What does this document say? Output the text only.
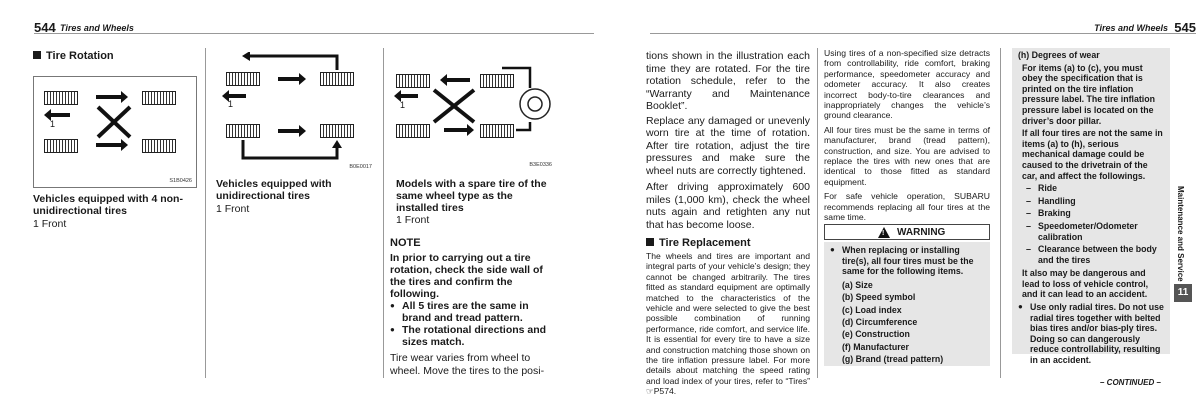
544 Tires and Wheels	Tires and Wheels 545
Tire Rotation
1
S1B0426
Vehicles equipped with 4 non-unidirectional tires
1 Front
1
B0E0017
Vehicles equipped with unidirectional tires
1 Front
1
B3E0336
Models with a spare tire of the same wheel type as the installed tires
1 Front
NOTE
In prior to carrying out a tire rotation, check the side wall of the tires and confirm the following.
● All 5 tires are the same in brand and tread pattern.
● The rotational directions and sizes match.
Tire wear varies from wheel to wheel. Move the tires to the posi-
tions shown in the illustration each time they are rotated. For the tire rotation schedule, refer to the “Warranty and Maintenance Booklet”.
Replace any damaged or unevenly worn tire at the time of rotation. After tire rotation, adjust the tire pressures and make sure the wheel nuts are correctly tightened.
After driving approximately 600 miles (1,000 km), check the wheel nuts again and retighten any nut that has become loose.
Tire Replacement
The wheels and tires are important and integral parts of your vehicle’s design; they cannot be changed arbitrarily. The tires fitted as standard equipment are optimally matched to the characteristics of the vehicle and were selected to give the best possible combination of running performance, ride comfort, and service life. It is essential for every tire to have a size and construction matching those shown on the tire inflation pressure label. For more details about matching the speed rating and load index of your tires, refer to “Tires” ☞P574.
Using tires of a non-specified size detracts from controllability, ride comfort, braking performance, speedometer accuracy and odometer accuracy. It also creates incorrect body-to-tire clearances and inappropriately changes the vehicle’s ground clearance.
All four tires must be the same in terms of manufacturer, brand (tread pattern), construction, and size. You are advised to replace the tires with new ones that are identical to those fitted as standard equipment.
For safe vehicle operation, SUBARU recommends replacing all four tires at the same time.
! WARNING
● When replacing or installing tire(s), all four tires must be the same for the following items.
(a) Size
(b) Speed symbol
(c) Load index
(d) Circumference
(e) Construction
(f) Manufacturer
(g) Brand (tread pattern)
(h) Degrees of wear
For items (a) to (c), you must obey the specification that is printed on the tire inflation pressure label. The tire inflation pressure label is located on the driver’s door pillar.
If all four tires are not the same in items (a) to (h), serious mechanical damage could be caused to the drivetrain of the car, and affect the followings.
– Ride
– Handling
– Braking
– Speedometer/Odometer calibration
– Clearance between the body and the tires
It also may be dangerous and lead to loss of vehicle control, and it can lead to an accident.
● Use only radial tires. Do not use radial tires together with belted bias tires and/or bias-ply tires. Doing so can dangerously reduce controllability, resulting in an accident.
Maintenance and Service
11
– CONTINUED –
